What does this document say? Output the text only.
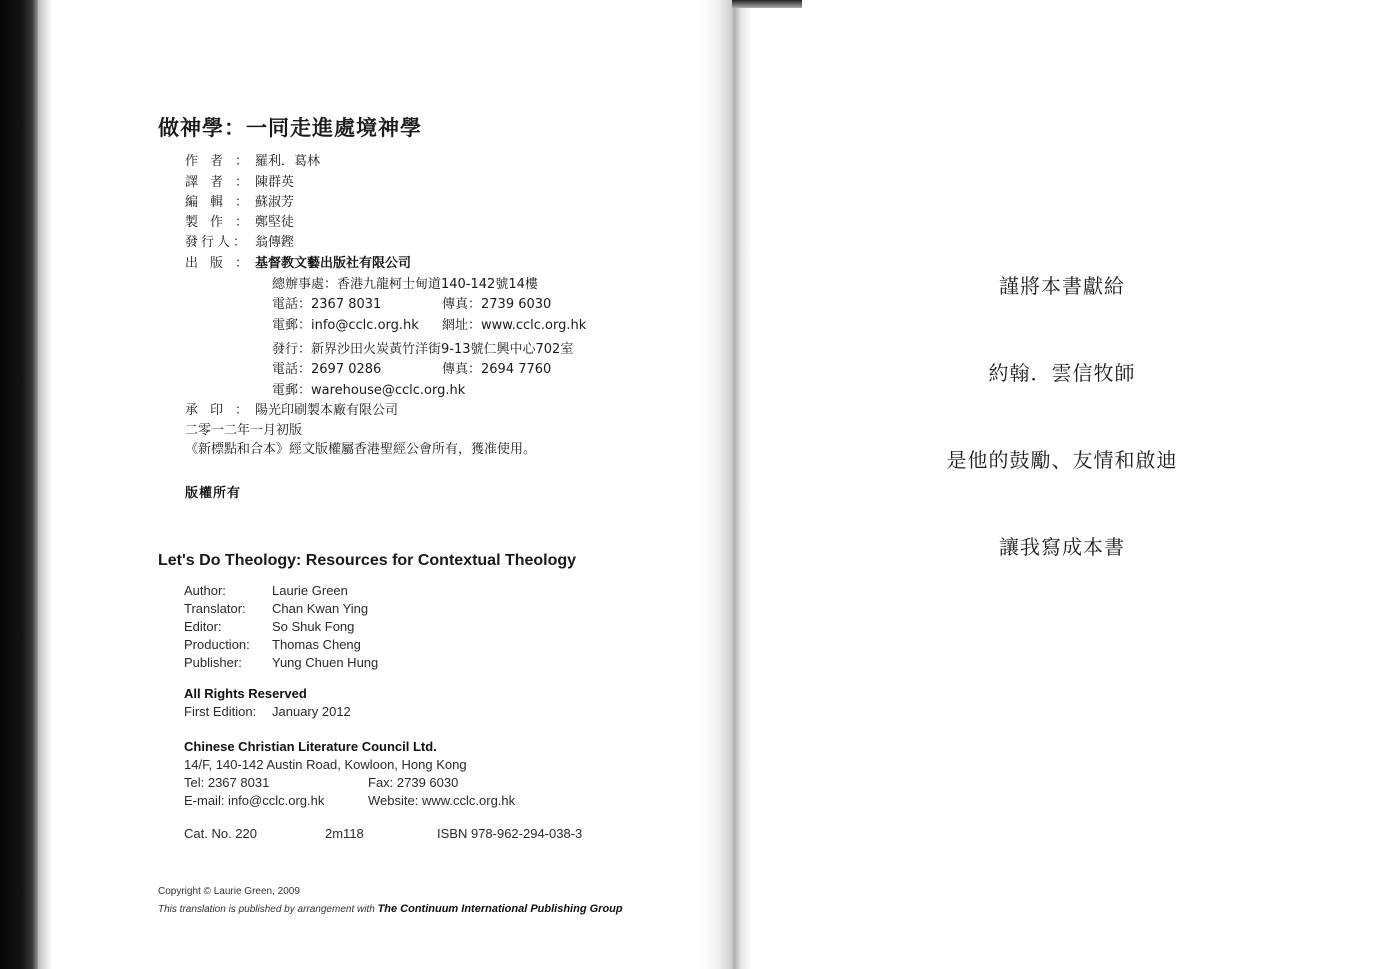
做神學：一同走進處境神學
作者：羅利．葛林
譯者：陳群英
編輯：蘇淑芳
製作：鄭堅徒
發行人： 翁傳鏗
出版：基督教文藝出版社有限公司
總辦事處：香港九龍柯士甸道140-142號14樓
電話：2367 8031	傳真：2739 6030
電郵：info@cclc.org.hk 網址：www.cclc.org.hk
發行：新界沙田火炭黃竹洋街9-13號仁興中心702室
電話：2697 0286	傳真：2694 7760
電郵：warehouse@cclc.org.hk
承印：陽光印刷製本廠有限公司
二零一二年一月初版
《新標點和合本》經文版權屬香港聖經公會所有，獲准使用。
版權所有
Let's Do Theology: Resources for Contextual Theology
Author:	Laurie Green
Translator: Chan Kwan Ying
Editor:	So Shuk Fong
Production: Thomas Cheng
Publisher: Yung Chuen Hung
All Rights Reserved
First Edition: January 2012
Chinese Christian Literature Council Ltd.
14/F, 140-142 Austin Road, Kowloon, Hong Kong
Tel: 2367 8031	Fax: 2739 6030
E-mail: info@cclc.org.hk	Website: www.cclc.org.hk
Cat. No. 220	2m118	ISBN 978-962-294-038-3
Copyright © Laurie Green, 2009
This translation is published by arrangement with The Continuum International Publishing Group
謹將本書獻給
約翰．雲信牧師
是他的鼓勵、友情和啟迪
讓我寫成本書
